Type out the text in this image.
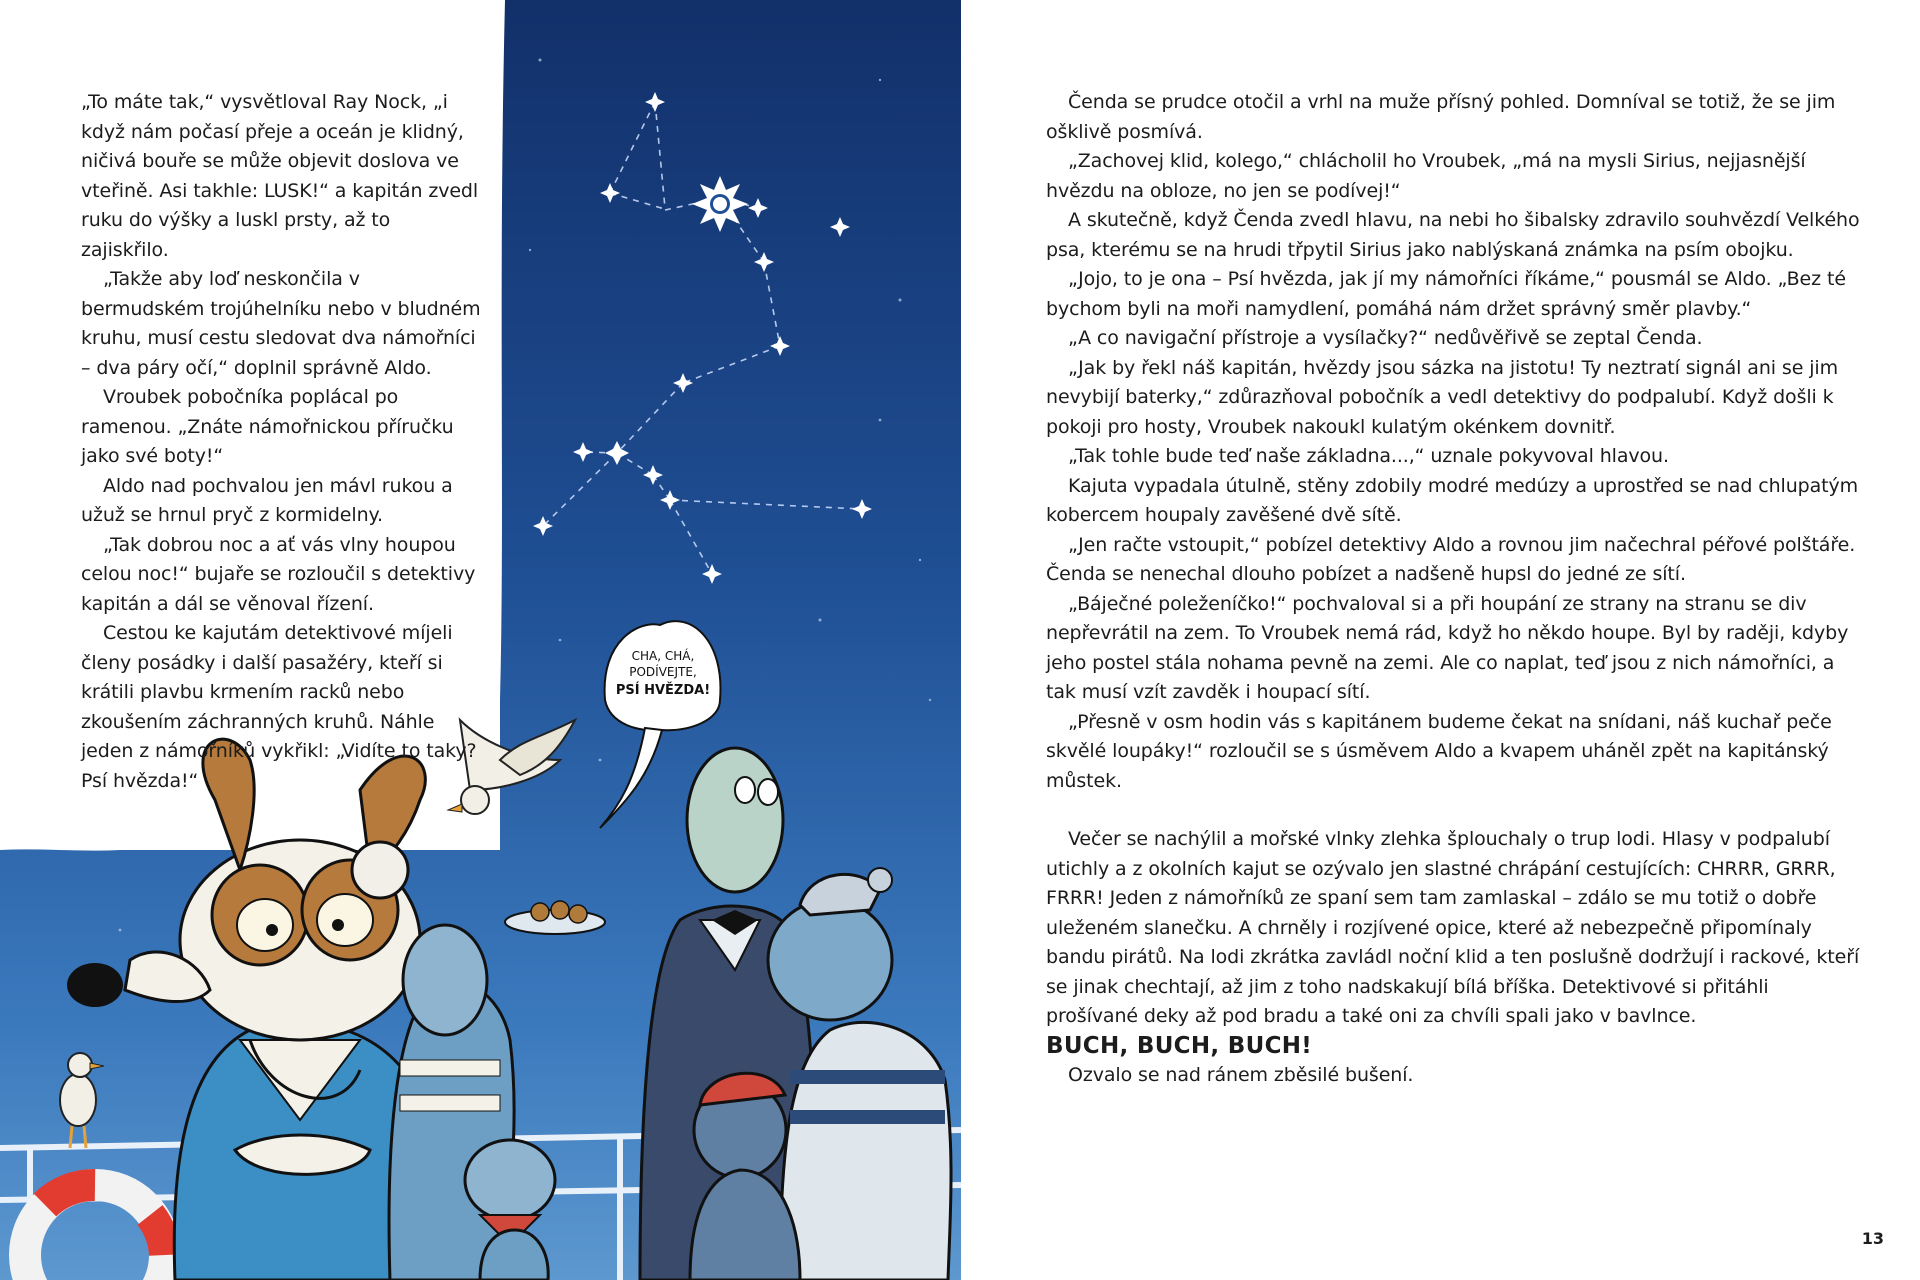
CHA, CHÁ,
PODÍVEJTE,
PSÍ HVĚZDA!

„To máte tak,“ vysvětloval Ray Nock, „i když nám počasí přeje a oceán je klidný, ničivá bouře se může objevit doslova ve vteřině. Asi takhle: LUSK!“ a kapitán zvedl ruku do výšky a luskl prsty, až to zajiskřilo.

„Takže aby loď neskončila v bermudském trojúhelníku nebo v bludném kruhu, musí cestu sledovat dva námořníci – dva páry očí,“ doplnil správně Aldo.

Vroubek pobočníka poplácal po ramenou. „Znáte námořnickou příručku jako své boty!“

Aldo nad pochvalou jen mávl rukou a užuž se hrnul pryč z kormidelny.

„Tak dobrou noc a ať vás vlny houpou celou noc!“ bujaře se rozloučil s detektivy kapitán a dál se věnoval řízení.

Cestou ke kajutám detektivové míjeli členy posádky i další pasažéry, kteří si krátili plavbu krmením racků nebo zkoušením záchranných kruhů. Náhle jeden z námořníků vykřikl: „Vidíte to taky? Psí hvězda!“

Čenda se prudce otočil a vrhl na muže přísný pohled. Domníval se totiž, že se jim ošklivě posmívá.

„Zachovej klid, kolego,“ chlácholil ho Vroubek, „má na mysli Sirius, nejjasnější hvězdu na obloze, no jen se podívej!“

A skutečně, když Čenda zvedl hlavu, na nebi ho šibalsky zdravilo souhvězdí Velkého psa, kterému se na hrudi třpytil Sirius jako nablýskaná známka na psím obojku.

„Jojo, to je ona – Psí hvězda, jak jí my námořníci říkáme,“ pousmál se Aldo. „Bez té bychom byli na moři namydlení, pomáhá nám držet správný směr plavby.“

„A co navigační přístroje a vysílačky?“ nedůvěřivě se zeptal Čenda.

„Jak by řekl náš kapitán, hvězdy jsou sázka na jistotu! Ty neztratí signál ani se jim nevybijí baterky,“ zdůrazňoval pobočník a vedl detektivy do podpalubí. Když došli k pokoji pro hosty, Vroubek nakoukl kulatým okénkem dovnitř.

„Tak tohle bude teď naše základna...,“ uznale pokyvoval hlavou.

Kajuta vypadala útulně, stěny zdobily modré medúzy a uprostřed se nad chlupatým kobercem houpaly zavěšené dvě sítě.

„Jen račte vstoupit,“ pobízel detektivy Aldo a rovnou jim načechral péřové polštáře. Čenda se nenechal dlouho pobízet a nadšeně hupsl do jedné ze sítí.

„Báječné poleženíčko!“ pochvaloval si a při houpání ze strany na stranu se div nepřevrátil na zem. To Vroubek nemá rád, když ho někdo houpe. Byl by raději, kdyby jeho postel stála nohama pevně na zemi. Ale co naplat, teď jsou z nich námořníci, a tak musí vzít zavděk i houpací sítí.

„Přesně v osm hodin vás s kapitánem budeme čekat na snídani, náš kuchař peče skvělé loupáky!“ rozloučil se s úsměvem Aldo a kvapem uháněl zpět na kapitánský můstek.

Večer se nachýlil a mořské vlnky zlehka šplouchaly o trup lodi. Hlasy v podpalubí utichly a z okolních kajut se ozývalo jen slastné chrápání cestujících: CHRRR, GRRR, FRRR! Jeden z námořníků ze spaní sem tam zamlaskal – zdálo se mu totiž o dobře uleženém slanečku. A chrněly i rozjívené opice, které až nebezpečně připomínaly bandu pirátů. Na lodi zkrátka zavládl noční klid a ten poslušně dodržují i rackové, kteří se jinak chechtají, až jim z toho nadskakují bílá bříška. Detektivové si přitáhli prošívané deky až pod bradu a také oni za chvíli spali jako v bavlnce.

BUCH, BUCH, BUCH!

Ozvalo se nad ránem zběsilé bušení.

13
